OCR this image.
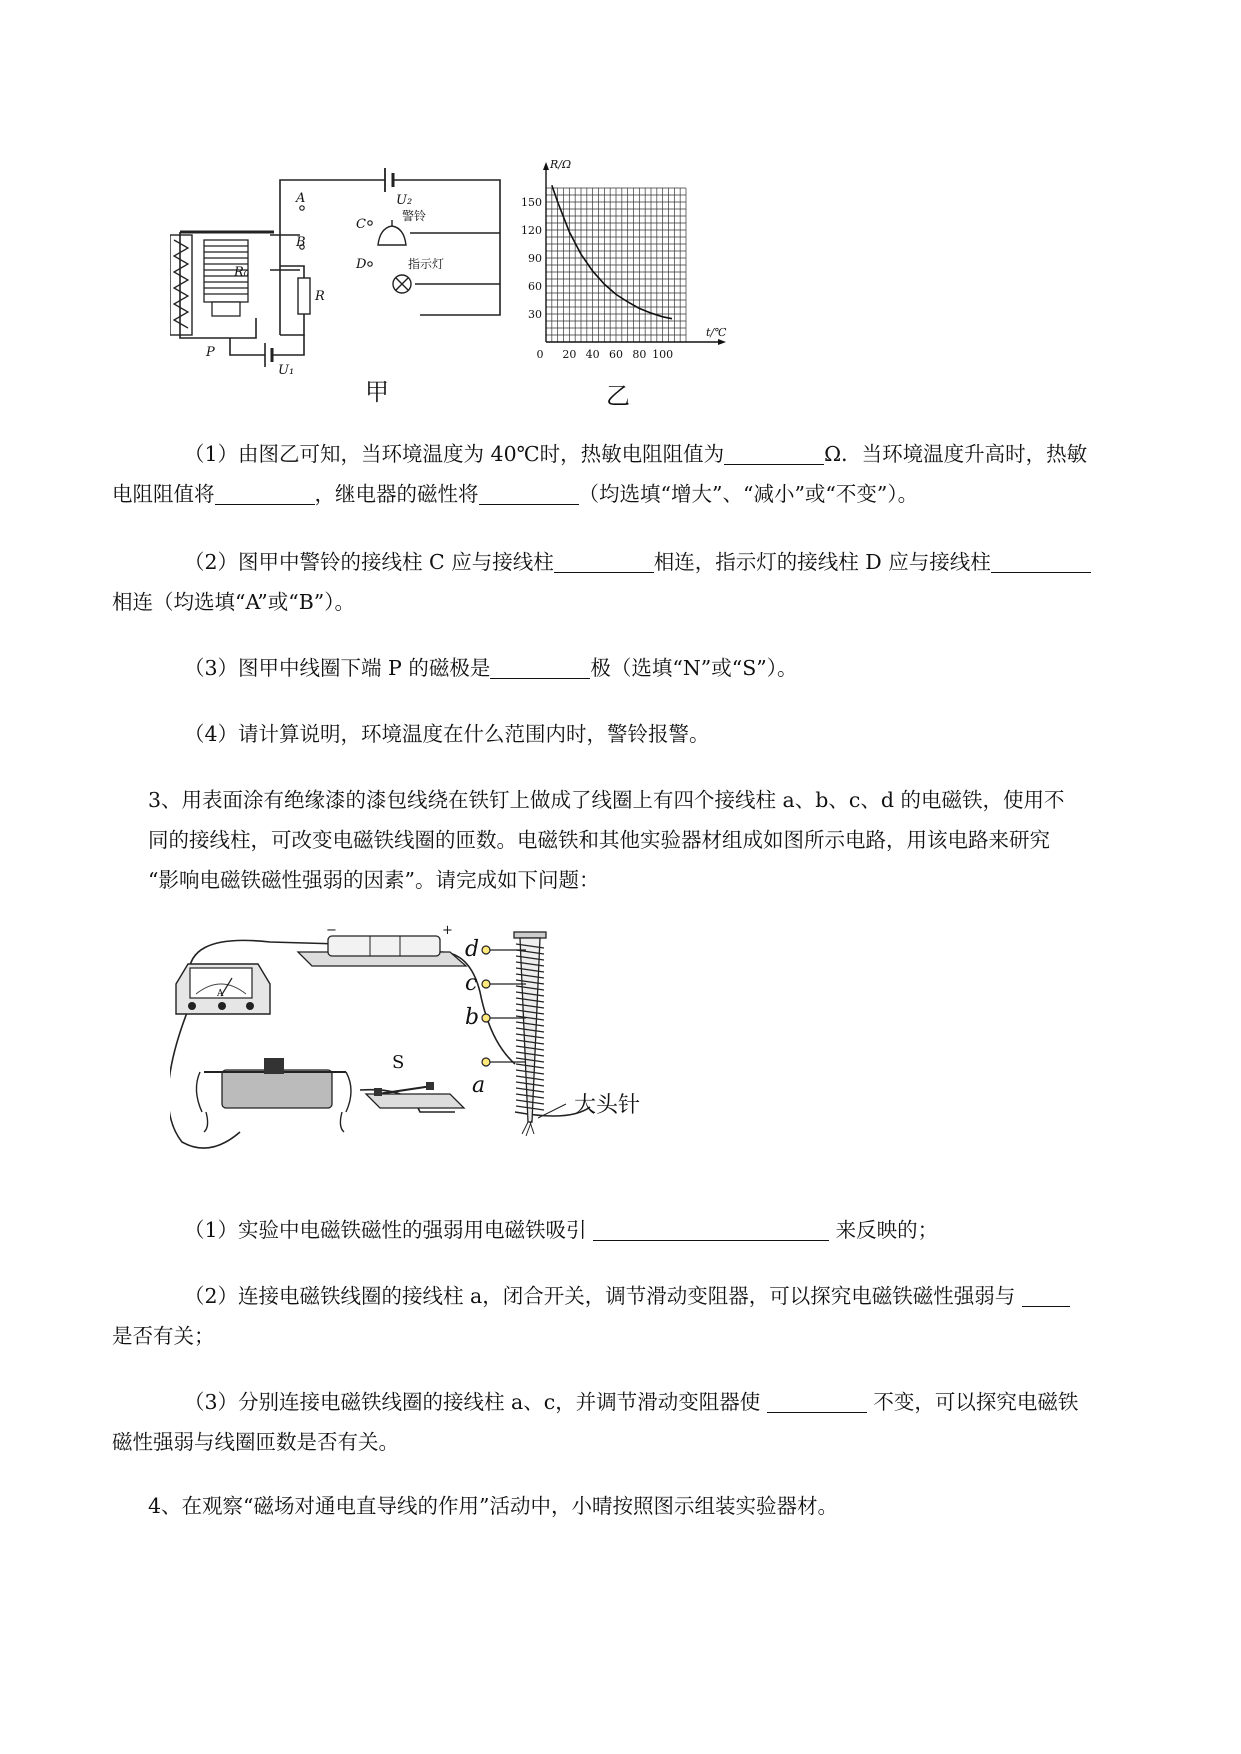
U₂
A
B
C
D
R₀
R
P
U₁
警铃
指示灯
甲
30
60
90
120
150
0 20 40 60 80 100
R/Ω
t/℃
乙
（1）由图乙可知，当环境温度为 40℃时，热敏电阻阻值为	Ω．当环境温度升高时，热敏
电阻阻值将	，继电器的磁性将	（均选填“增大”、“减小”或“不变”）。
（2）图甲中警铃的接线柱 C 应与接线柱	相连，指示灯的接线柱 D 应与接线柱
相连（均选填“A”或“B”）。
（3）图甲中线圈下端 P 的磁极是	极（选填“N”或“S”）。
（4）请计算说明，环境温度在什么范围内时，警铃报警。
3、用表面涂有绝缘漆的漆包线绕在铁钉上做成了线圈上有四个接线柱 a、b、c、d 的电磁铁，使用不
同的接线柱，可改变电磁铁线圈的匝数。电磁铁和其他实验器材组成如图所示电路，用该电路来研究
“影响电磁铁磁性强弱的因素”。请完成如下问题：
A
−	+
S
d
c
b
a
大头针
（1）实验中电磁铁磁性的强弱用电磁铁吸引	来反映的；
（2）连接电磁铁线圈的接线柱 a，闭合开关，调节滑动变阻器，可以探究电磁铁磁性强弱与
是否有关；
（3）分别连接电磁铁线圈的接线柱 a、c，并调节滑动变阻器使	不变，可以探究电磁铁
磁性强弱与线圈匝数是否有关。
4、在观察“磁场对通电直导线的作用”活动中，小晴按照图示组装实验器材。
